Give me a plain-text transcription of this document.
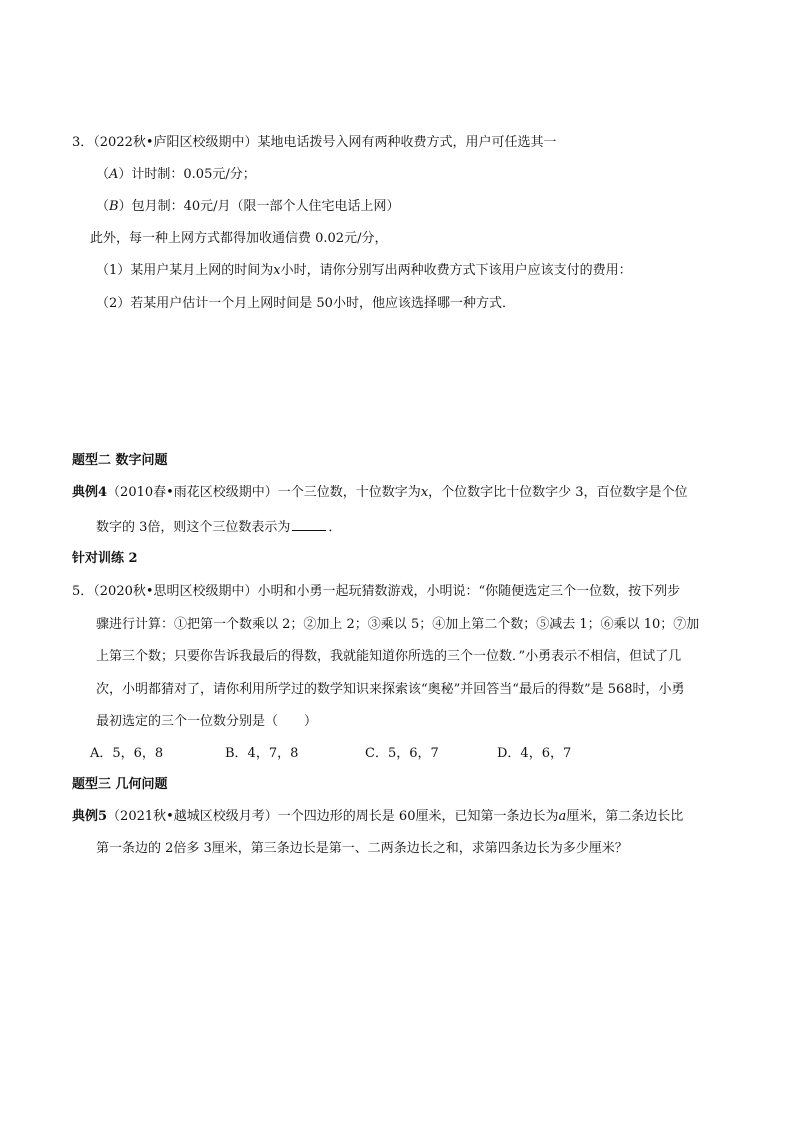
3．（2022秋•庐阳区校级期中）某地电话拨号入网有两种收费方式，用户可任选其一
（A）计时制：0.05元/分；
（B）包月制：40元/月（限一部个人住宅电话上网）
此外，每一种上网方式都得加收通信费 0.02元/分，
（1）某用户某月上网的时间为x小时，请你分别写出两种收费方式下该用户应该支付的费用：
（2）若某用户估计一个月上网时间是 50小时，他应该选择哪一种方式．
题型二 数字问题
典例4（2010春•雨花区校级期中）一个三位数，十位数字为x，个位数字比十位数字少 3，百位数字是个位
数字的 3倍，则这个三位数表示为	．
针对训练 2
5．（2020秋•思明区校级期中）小明和小勇一起玩猜数游戏，小明说：“你随便选定三个一位数，按下列步
骤进行计算：①把第一个数乘以 2；②加上 2；③乘以 5；④加上第二个数；⑤减去 1；⑥乘以 10；⑦加
上第三个数；只要你告诉我最后的得数，我就能知道你所选的三个一位数．”小勇表示不相信，但试了几
次，小明都猜对了，请你利用所学过的数学知识来探索该“奥秘”并回答当“最后的得数”是 568时，小勇
最初选定的三个一位数分别是（　　）
A．5，6，8	B．4，7，8	C．5，6，7	D．4，6，7
题型三 几何问题
典例5（2021秋•越城区校级月考）一个四边形的周长是 60厘米，已知第一条边长为a厘米，第二条边长比
第一条边的 2倍多 3厘米，第三条边长是第一、二两条边长之和，求第四条边长为多少厘米？
